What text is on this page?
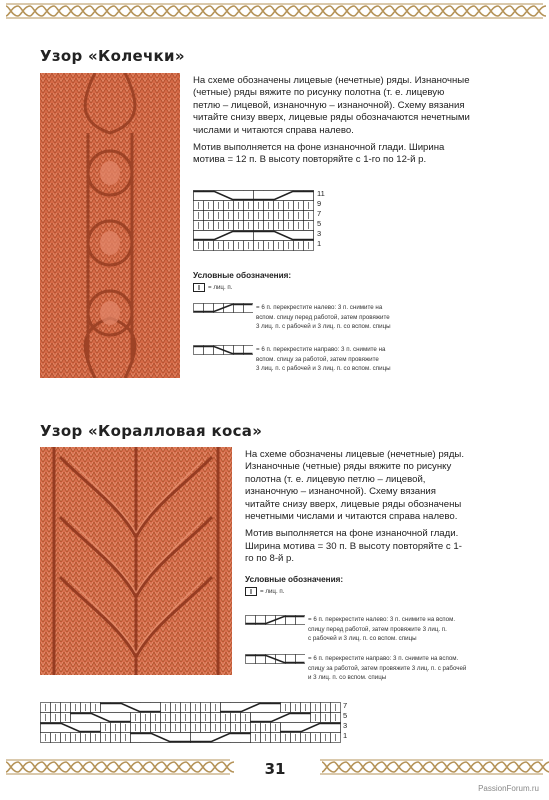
Узор «Колечки»

На схеме обозначены лицевые (нечетные) ряды. Изнаночные (четные) ряды вяжите по рисунку полотна (т. е. лицевую петлю – лицевой, изнаночную – изнаночной). Схему вязания читайте снизу вверх, лицевые ряды обозначаются нечетными числами и читаются справа налево.

Мотив выполняется на фоне изнаночной глади. Ширина мотива = 12 п. В высоту повторяйте с 1-го по 12-й р.

11
9
7
5
3
1
Условные обозначения:
= лиц. п.
= 6 п. перекрестите налево: 3 п. снимите на
вспом. спицу перед работой, затем провяжите
3 лиц. п. с рабочей и 3 лиц. п. со вспом. спицы
= 6 п. перекрестите направо: 3 п. снимите на
вспом. спицу за работой, затем провяжите
3 лиц. п. с рабочей и 3 лиц. п. со вспом. спицы
Узор «Коралловая коса»

На схеме обозначены лицевые (нечетные) ряды. Изнаночные (четные) ряды вяжите по рисунку полотна (т. е. лицевую петлю – лицевой, изнаночную – изнаночной). Схему вязания читайте снизу вверх, лицевые ряды обозначены нечетными числами и читаются справа налево.

Мотив выполняется на фоне изнаночной глади. Ширина мотива = 30 п. В высоту повторяйте с 1-го по 8-й р.

Условные обозначения:
= лиц. п.
= 6 п. перекрестите налево: 3 п. снимите на вспом.
спицу перед работой, затем провяжите 3 лиц. п.
с рабочей и 3 лиц. п. со вспом. спицы
= 6 п. перекрестите направо: 3 п. снимите на вспом.
спицу за работой, затем провяжите 3 лиц. п. с рабочей
и 3 лиц. п. со вспом. спицы
7
5
3
1
31
PassionForum.ru
